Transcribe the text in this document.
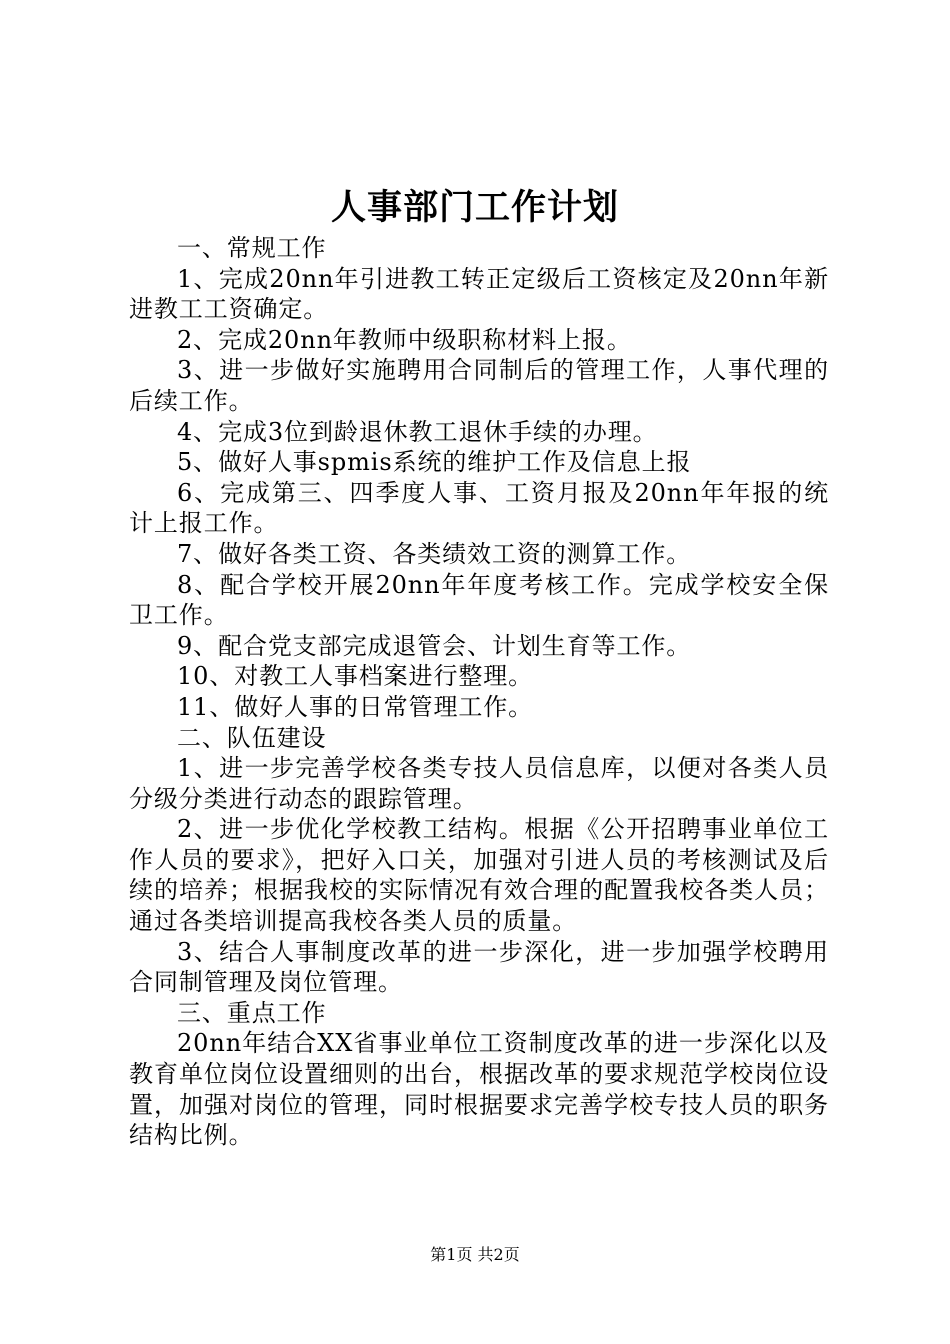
人事部门工作计划

一、常规工作

1、完成20nn年引进教工转正定级后工资核定及20nn年新进教工工资确定。

2、完成20nn年教师中级职称材料上报。

3、进一步做好实施聘用合同制后的管理工作，人事代理的后续工作。

4、完成3位到龄退休教工退休手续的办理。

5、做好人事spmis系统的维护工作及信息上报

6、完成第三、四季度人事、工资月报及20nn年年报的统计上报工作。

7、做好各类工资、各类绩效工资的测算工作。

8、配合学校开展20nn年年度考核工作。完成学校安全保卫工作。

9、配合党支部完成退管会、计划生育等工作。

10、对教工人事档案进行整理。

11、做好人事的日常管理工作。

二、队伍建设

1、进一步完善学校各类专技人员信息库，以便对各类人员分级分类进行动态的跟踪管理。

2、进一步优化学校教工结构。根据《公开招聘事业单位工作人员的要求》，把好入口关，加强对引进人员的考核测试及后续的培养；根据我校的实际情况有效合理的配置我校各类人员；通过各类培训提高我校各类人员的质量。

3、结合人事制度改革的进一步深化，进一步加强学校聘用合同制管理及岗位管理。

三、重点工作

20nn年结合XX省事业单位工资制度改革的进一步深化以及教育单位岗位设置细则的出台，根据改革的要求规范学校岗位设置，加强对岗位的管理，同时根据要求完善学校专技人员的职务结构比例。

第1页 共2页
